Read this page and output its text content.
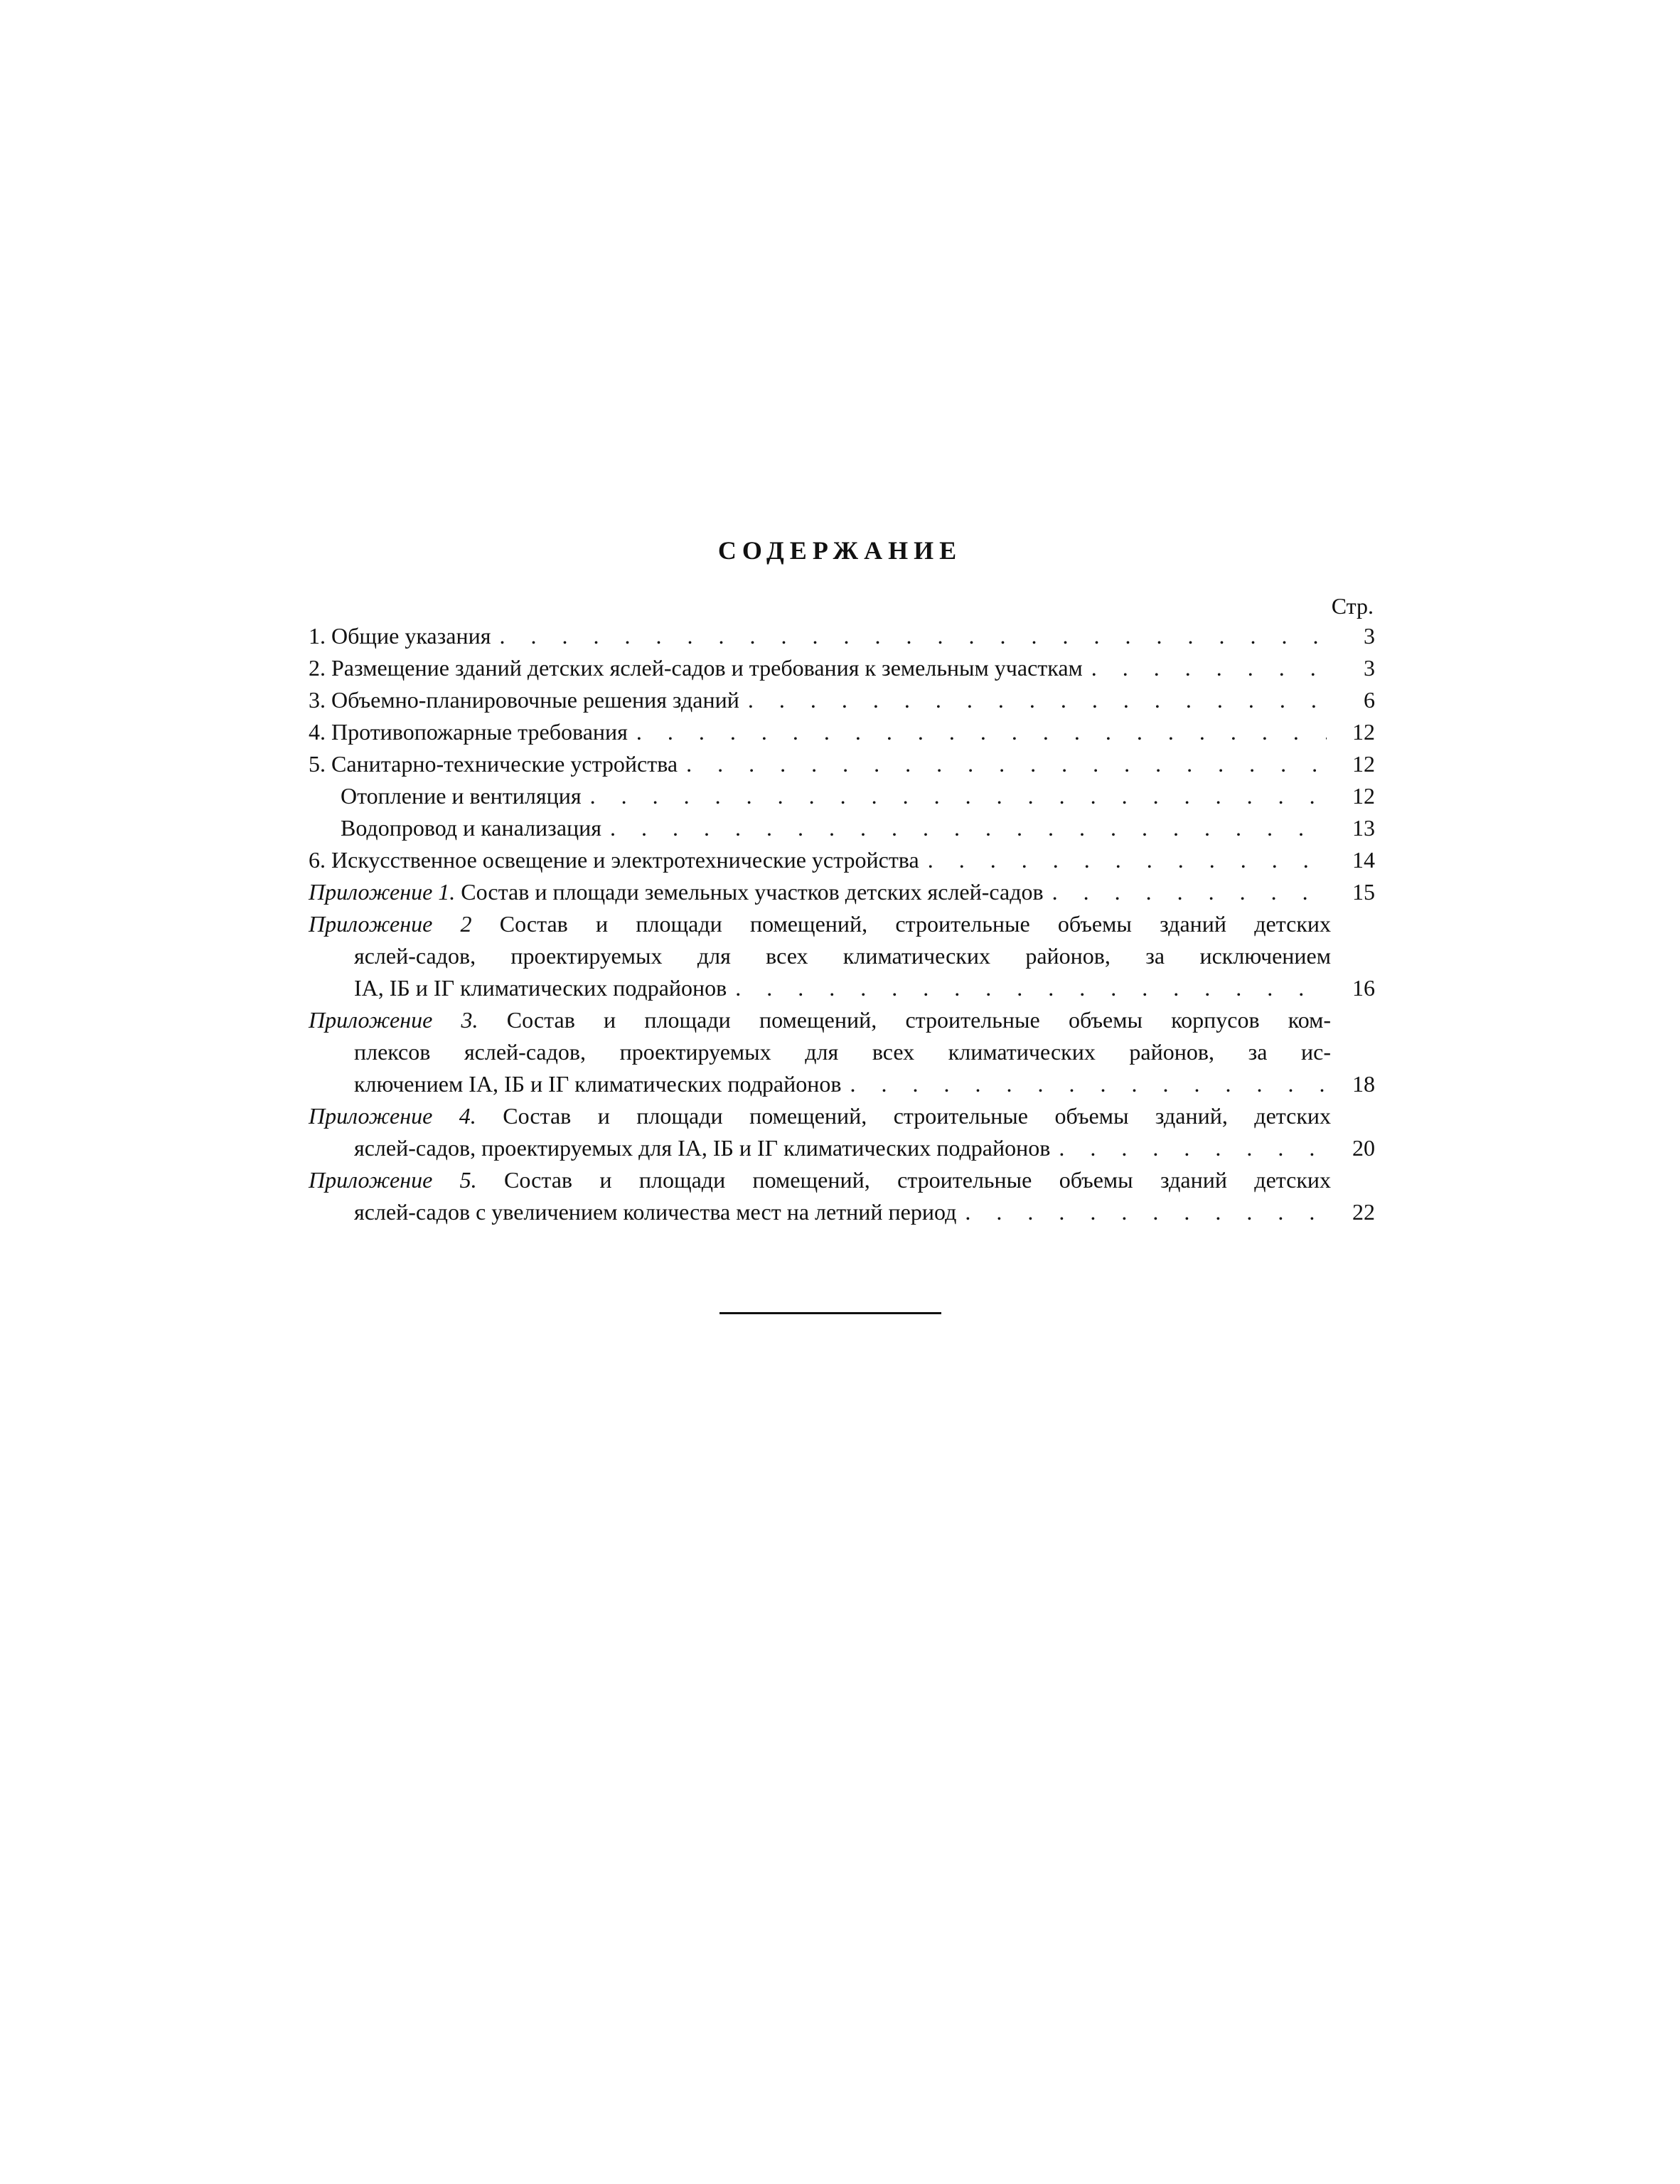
СОДЕРЖАНИЕ
Стр.
1. Общие указания . . .	3
2. Размещение зданий детских яслей-садов и требования к земельным участкам . . .	3
3. Объемно-планировочные решения зданий . . .	6
4. Противопожарные требования . . .	12
5. Санитарно-технические устройства . . .	12
Отопление и вентиляция . . .	12
Водопровод и канализация . . .	13
6. Искусственное освещение и электротехнические устройства . . .	14
Приложение 1. Состав и площади земельных участков детских яслей-садов . . .	15
Приложение 2 Состав и площади помещений, строительные объемы зданий детских
яслей-садов, проектируемых для всех климатических районов, за исключением
IА, IБ и IГ климатических подрайонов . . .	16
Приложение 3. Состав и площади помещений, строительные объемы корпусов ком-
плексов яслей-садов, проектируемых для всех климатических районов, за ис-
ключением IА, IБ и IГ климатических подрайонов . . .	18
Приложение 4. Состав и площади помещений, строительные объемы зданий, детских
яслей-садов, проектируемых для IА, IБ и IГ климатических подрайонов . . .	20
Приложение 5. Состав и площади помещений, строительные объемы зданий детских
яслей-садов с увеличением количества мест на летний период . . .	22
